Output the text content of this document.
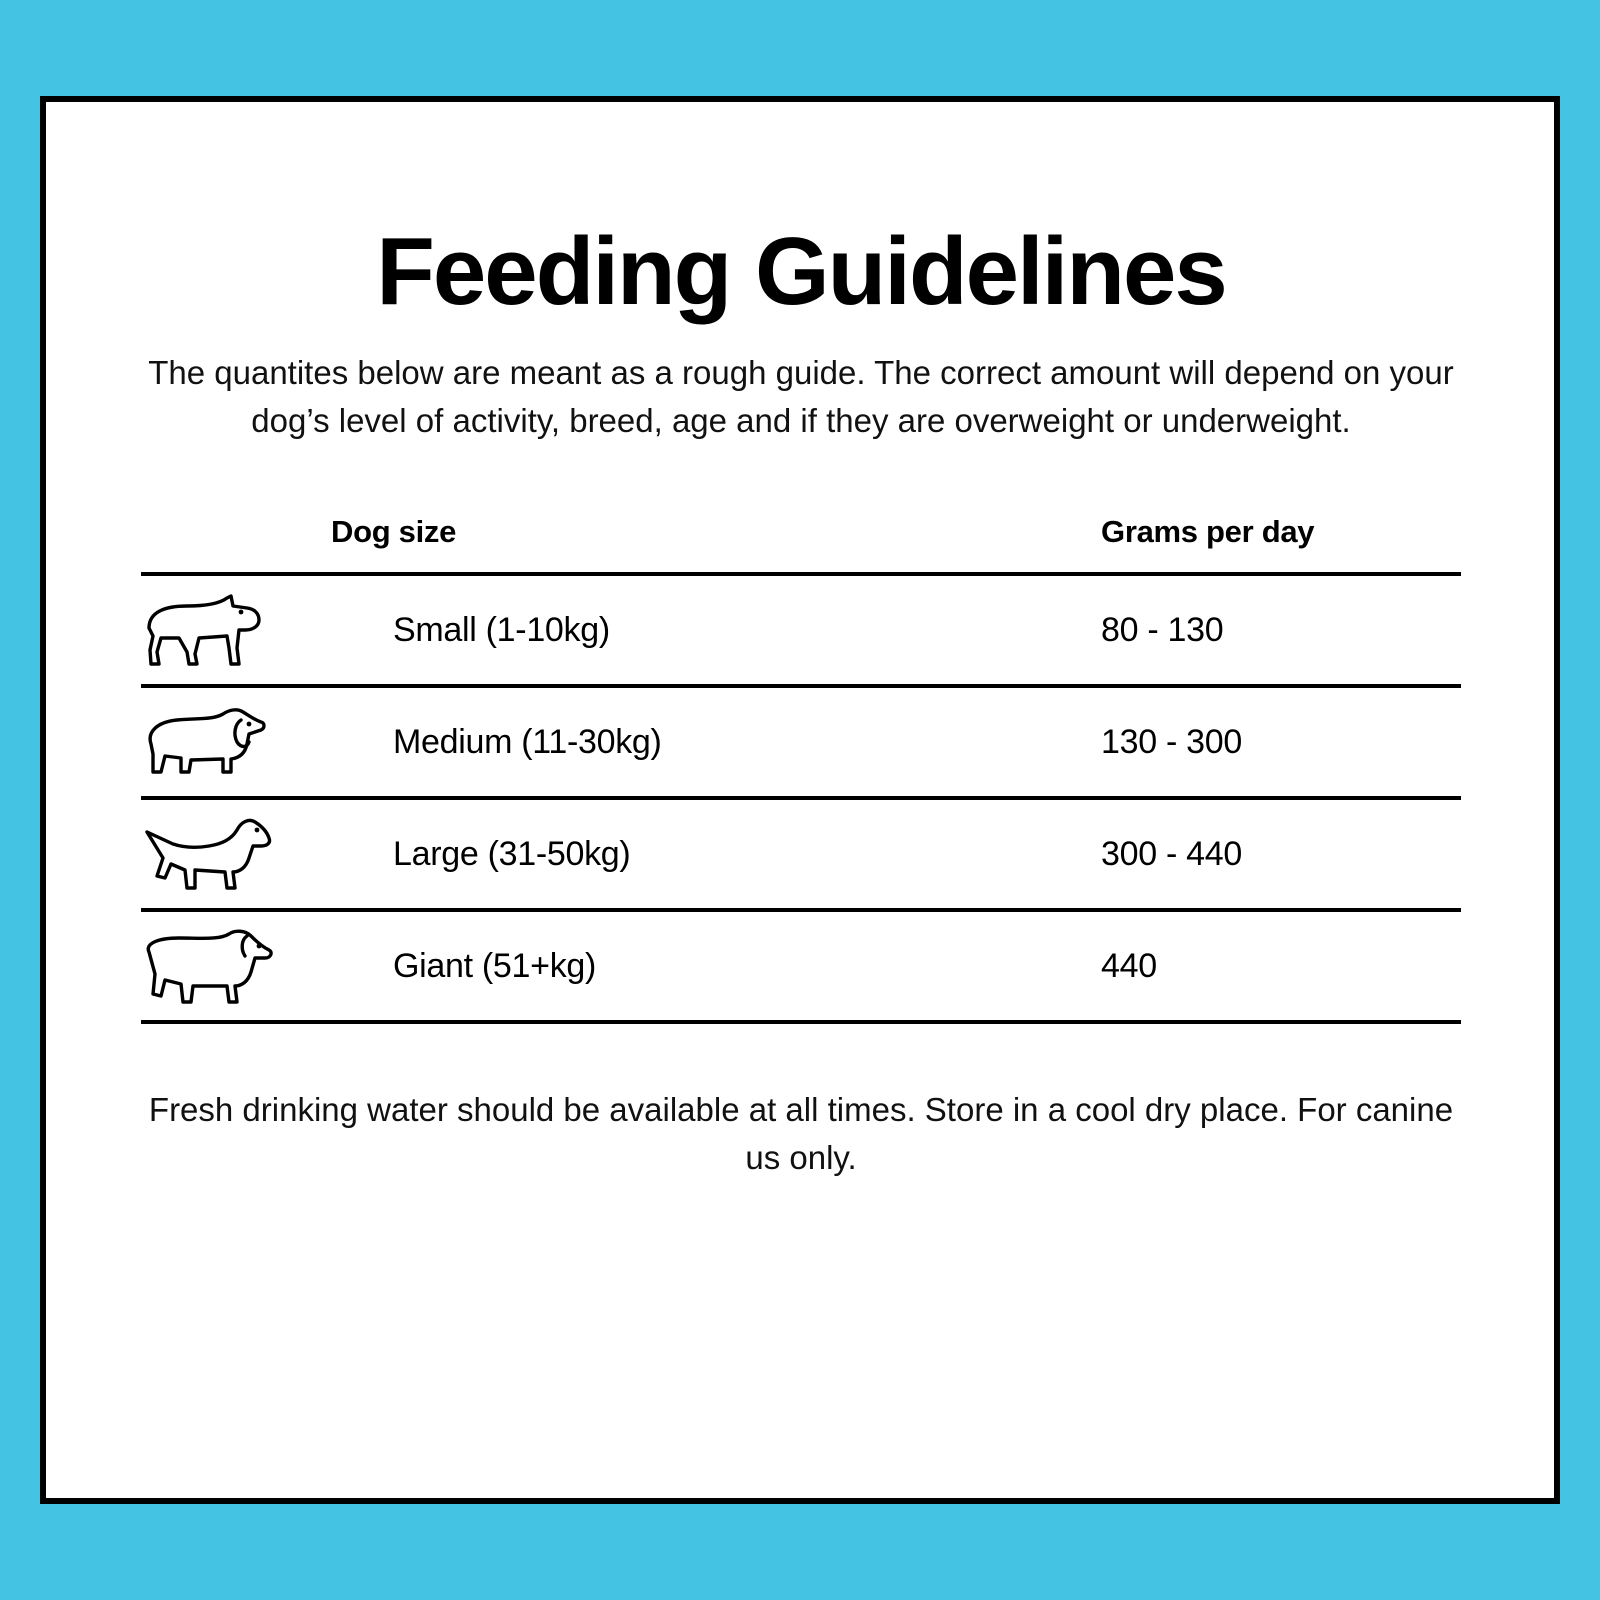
Feeding Guidelines

The quantites below are meant as a rough guide. The correct amount will depend on your dog’s level of activity, breed, age and if they are overweight or underweight.

Dog size	Grams per day
Small (1-10kg)	80 - 130
Medium (11-30kg)	130 - 300
Large (31-50kg)	300 - 440
Giant (51+kg)	440

Fresh drinking water should be available at all times. Store in a cool dry place. For canine us only.
